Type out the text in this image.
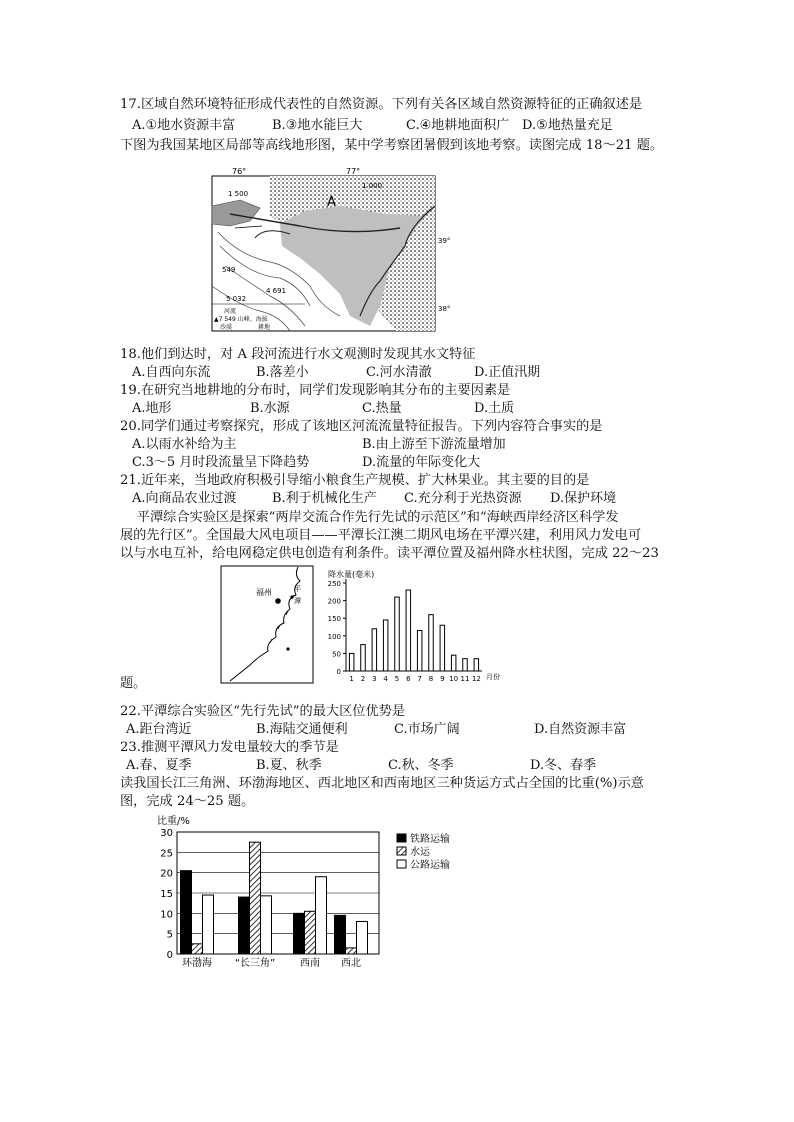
17.区域自然环境特征形成代表性的自然资源。下列有关各区域自然资源特征的正确叙述是
A.①地水资源丰富	B.③地水能巨大	C.④地耕地面积广 D.⑤地热量充足
下图为我国某地区局部等高线地形图，某中学考察团暑假到该地考察。读图完成 18～21 题。
76°	77°
39°
38°
1 500
1 000
A
549
4 691
5 032
河流
▲7 549 山峰、海拔
沙漠	耕地
18.他们到达时，对 A 段河流进行水文观测时发现其水文特征
A.自西向东流	B.落差小	C.河水清澈	D.正值汛期
19.在研究当地耕地的分布时，同学们发现影响其分布的主要因素是
A.地形	B.水源	C.热量	D.土质
20.同学们通过考察探究，形成了该地区河流流量特征报告。下列内容符合事实的是
A.以雨水补给为主	B.由上游至下游流量增加
C.3～5 月时段流量呈下降趋势	D.流量的年际变化大
21.近年来，当地政府积极引导缩小粮食生产规模、扩大林果业。其主要的目的是
A.向商品农业过渡	B.利于机械化生产 C.充分利于光热资源 D.保护环境
平潭综合实验区是探索“两岸交流合作先行先试的示范区”和“海峡西岸经济区科学发
展的先行区”。全国最大风电项目——平潭长江澳二期风电场在平潭兴建，利用风力发电可
以与水电互补，给电网稳定供电创造有利条件。读平潭位置及福州降水柱状图，完成 22～23
福州	平
潭
降水量(毫米)
月份
0
50
100
150
200
250
1 2 3 4 5 6 7 8 9 10 11 12
题。
22.平潭综合实验区“先行先试”的最大区位优势是
A.距台湾近	B.海陆交通便利	C.市场广阔	D.自然资源丰富
23.推测平潭风力发电量较大的季节是
A.春、夏季	B.夏、秋季	C.秋、冬季	D.冬、春季
读我国长江三角洲、环渤海地区、西北地区和西南地区三种货运方式占全国的比重(%)示意
图，完成 24～25 题。
比重/%
0
5
10
15
20
25
30
环渤海 “长三角” 西南 西北
铁路运输
水运
公路运输
